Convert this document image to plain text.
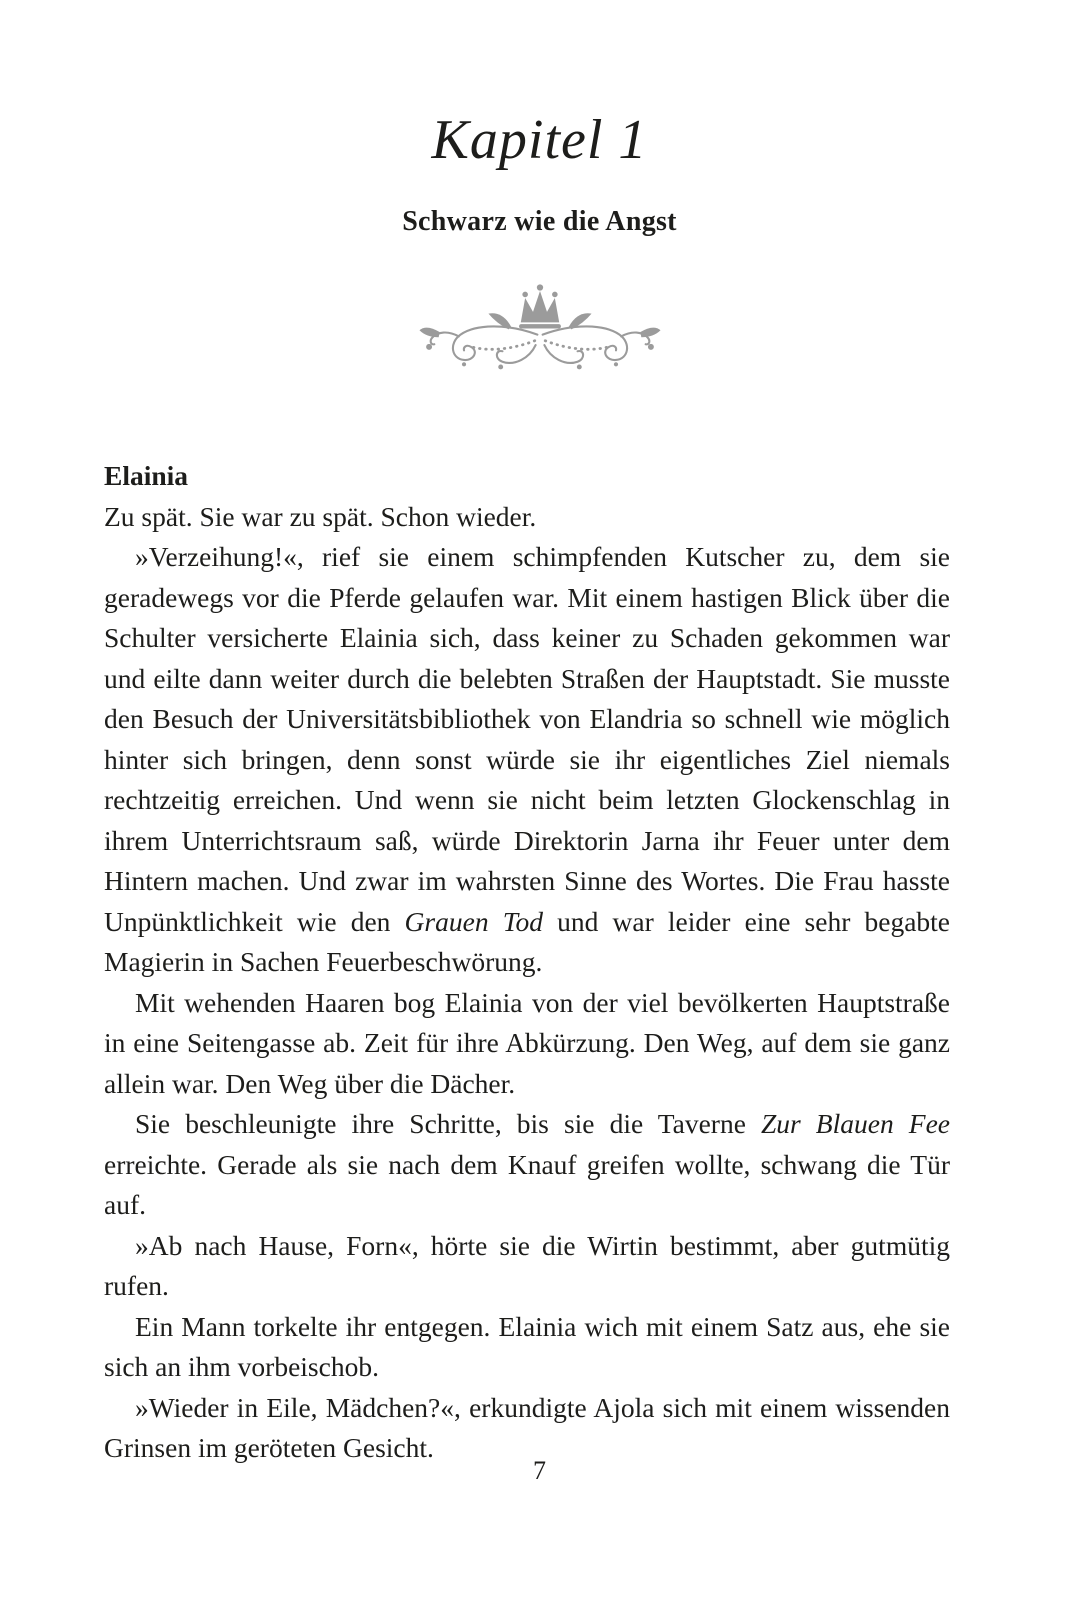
Kapitel 1
Schwarz wie die Angst

Elainia

Zu spät. Sie war zu spät. Schon wieder.

»Verzeihung!«, rief sie einem schimpfenden Kutscher zu, dem sie geradewegs vor die Pferde gelaufen war. Mit einem hastigen Blick über die Schulter versicherte Elainia sich, dass keiner zu Schaden gekommen war und eilte dann weiter durch die belebten Straßen der Hauptstadt. Sie musste den Besuch der Universitätsbibliothek von Elandria so schnell wie möglich hinter sich bringen, denn sonst würde sie ihr eigentliches Ziel niemals rechtzeitig erreichen. Und wenn sie nicht beim letzten Glockenschlag in ihrem Unterrichtsraum saß, würde Direktorin Jarna ihr Feuer unter dem Hintern machen. Und zwar im wahrsten Sinne des Wortes. Die Frau hasste Unpünktlichkeit wie den Grauen Tod und war leider eine sehr begabte Magierin in Sachen Feuerbeschwörung.

Mit wehenden Haaren bog Elainia von der viel bevölkerten Hauptstraße in eine Seitengasse ab. Zeit für ihre Abkürzung. Den Weg, auf dem sie ganz allein war. Den Weg über die Dächer.

Sie beschleunigte ihre Schritte, bis sie die Taverne Zur Blauen Fee erreichte. Gerade als sie nach dem Knauf greifen wollte, schwang die Tür auf.

»Ab nach Hause, Forn«, hörte sie die Wirtin bestimmt, aber gutmütig rufen.

Ein Mann torkelte ihr entgegen. Elainia wich mit einem Satz aus, ehe sie sich an ihm vorbeischob.

»Wieder in Eile, Mädchen?«, erkundigte Ajola sich mit einem wissenden Grinsen im geröteten Gesicht.

7
